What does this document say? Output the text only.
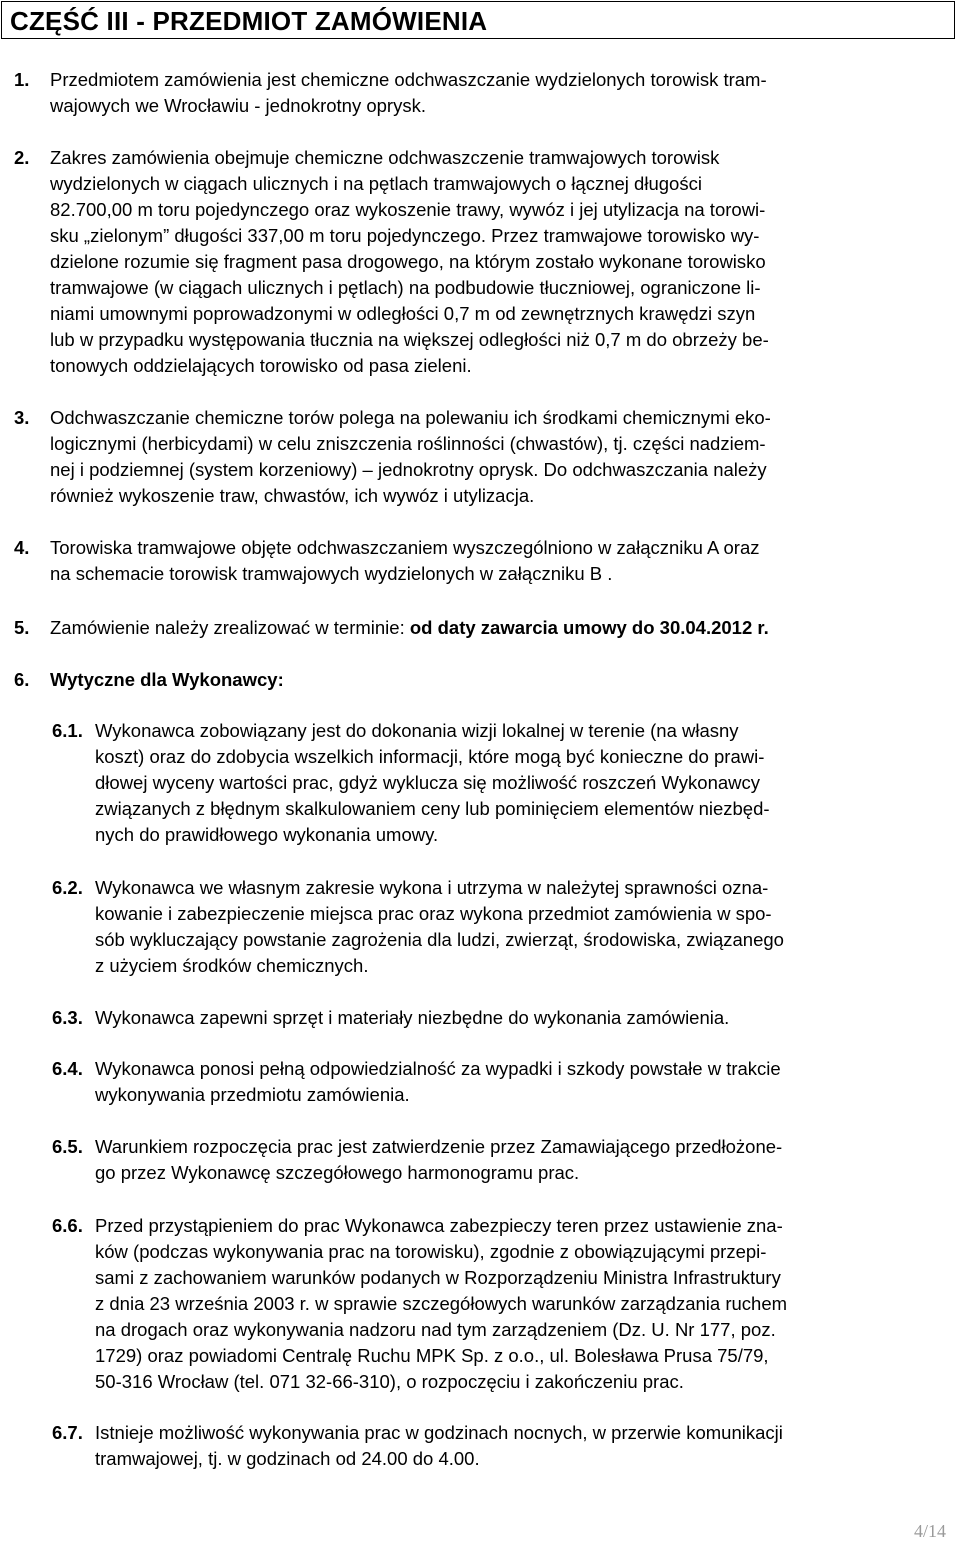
CZĘŚĆ III - PRZEDMIOT ZAMÓWIENIA
1. Przedmiotem zamówienia jest chemiczne odchwaszczanie wydzielonych torowisk tram-
wajowych we Wrocławiu - jednokrotny oprysk.
2. Zakres zamówienia obejmuje chemiczne odchwaszczenie tramwajowych torowisk
wydzielonych w ciągach ulicznych i na pętlach tramwajowych o łącznej długości
82.700,00 m toru pojedynczego oraz wykoszenie trawy, wywóz i jej utylizacja na torowi-
sku „zielonym” długości 337,00 m toru pojedynczego. Przez tramwajowe torowisko wy-
dzielone rozumie się fragment pasa drogowego, na którym zostało wykonane torowisko
tramwajowe (w ciągach ulicznych i pętlach) na podbudowie tłuczniowej, ograniczone li-
niami umownymi poprowadzonymi w odległości 0,7 m od zewnętrznych krawędzi szyn
lub w przypadku występowania tłucznia na większej odległości niż 0,7 m do obrzeży be-
tonowych oddzielających torowisko od pasa zieleni.
3. Odchwaszczanie chemiczne torów polega na polewaniu ich środkami chemicznymi eko-
logicznymi (herbicydami) w celu zniszczenia roślinności (chwastów), tj. części nadziem-
nej i podziemnej (system korzeniowy) – jednokrotny oprysk. Do odchwaszczania należy
również wykoszenie traw, chwastów, ich wywóz i utylizacja.
4. Torowiska tramwajowe objęte odchwaszczaniem wyszczególniono w załączniku A oraz
na schemacie torowisk tramwajowych wydzielonych w załączniku B .
5. Zamówienie należy zrealizować w terminie: od daty zawarcia umowy do 30.04.2012 r.
6. Wytyczne dla Wykonawcy:
6.1. Wykonawca zobowiązany jest do dokonania wizji lokalnej w terenie (na własny
koszt) oraz do zdobycia wszelkich informacji, które mogą być konieczne do prawi-
dłowej wyceny wartości prac, gdyż wyklucza się możliwość roszczeń Wykonawcy
związanych z błędnym skalkulowaniem ceny lub pominięciem elementów niezbęd-
nych do prawidłowego wykonania umowy.
6.2. Wykonawca we własnym zakresie wykona i utrzyma w należytej sprawności ozna-
kowanie i zabezpieczenie miejsca prac oraz wykona przedmiot zamówienia w spo-
sób wykluczający powstanie zagrożenia dla ludzi, zwierząt, środowiska, związanego
z użyciem środków chemicznych.
6.3. Wykonawca zapewni sprzęt i materiały niezbędne do wykonania zamówienia.
6.4. Wykonawca ponosi pełną odpowiedzialność za wypadki i szkody powstałe w trakcie
wykonywania przedmiotu zamówienia.
6.5. Warunkiem rozpoczęcia prac jest zatwierdzenie przez Zamawiającego przedłożone-
go przez Wykonawcę szczegółowego harmonogramu prac.
6.6. Przed przystąpieniem do prac Wykonawca zabezpieczy teren przez ustawienie zna-
ków (podczas wykonywania prac na torowisku), zgodnie z obowiązującymi przepi-
sami z zachowaniem warunków podanych w Rozporządzeniu Ministra Infrastruktury
z dnia 23 września 2003 r. w sprawie szczegółowych warunków zarządzania ruchem
na drogach oraz wykonywania nadzoru nad tym zarządzeniem (Dz. U. Nr 177, poz.
1729) oraz powiadomi Centralę Ruchu MPK Sp. z o.o., ul. Bolesława Prusa 75/79,
50-316 Wrocław (tel. 071 32-66-310), o rozpoczęciu i zakończeniu prac.
6.7. Istnieje możliwość wykonywania prac w godzinach nocnych, w przerwie komunikacji
tramwajowej, tj. w godzinach od 24.00 do 4.00.
4/14
